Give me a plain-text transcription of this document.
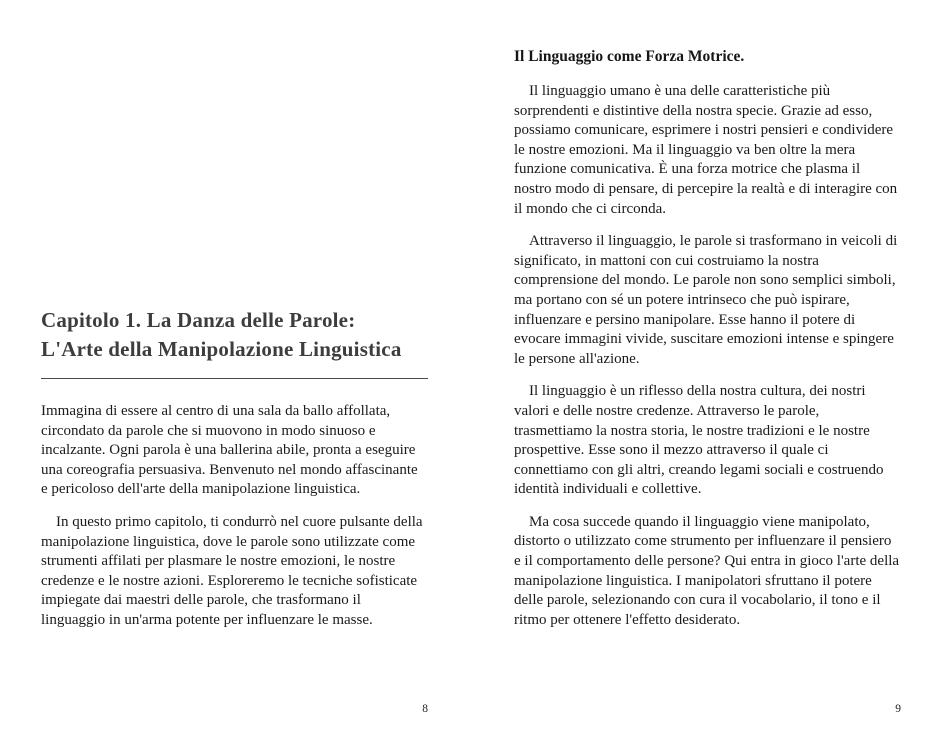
Capitolo 1. La Danza delle Parole:
L'Arte della Manipolazione Linguistica

Immagina di essere al centro di una sala da ballo affollata, circondato da parole che si muovono in modo sinuoso e incalzante. Ogni parola è una ballerina abile, pronta a eseguire una coreografia persuasiva. Benvenuto nel mondo affascinante e pericoloso dell'arte della manipolazione linguistica.

In questo primo capitolo, ti condurrò nel cuore pulsante della manipolazione linguistica, dove le parole sono utilizzate come strumenti affilati per plasmare le nostre emozioni, le nostre credenze e le nostre azioni. Esploreremo le tecniche sofisticate impiegate dai maestri delle parole, che trasformano il linguaggio in un'arma potente per influenzare le masse.

8
Il Linguaggio come Forza Motrice.

Il linguaggio umano è una delle caratteristiche più sorprendenti e distintive della nostra specie. Grazie ad esso, possiamo comunicare, esprimere i nostri pensieri e condividere le nostre emozioni. Ma il linguaggio va ben oltre la mera funzione comunicativa. È una forza motrice che plasma il nostro modo di pensare, di percepire la realtà e di interagire con il mondo che ci circonda.

Attraverso il linguaggio, le parole si trasformano in veicoli di significato, in mattoni con cui costruiamo la nostra comprensione del mondo. Le parole non sono semplici simboli, ma portano con sé un potere intrinseco che può ispirare, influenzare e persino manipolare. Esse hanno il potere di evocare immagini vivide, suscitare emozioni intense e spingere le persone all'azione.

Il linguaggio è un riflesso della nostra cultura, dei nostri valori e delle nostre credenze. Attraverso le parole, trasmettiamo la nostra storia, le nostre tradizioni e le nostre prospettive. Esse sono il mezzo attraverso il quale ci connettiamo con gli altri, creando legami sociali e costruendo identità individuali e collettive.

Ma cosa succede quando il linguaggio viene manipolato, distorto o utilizzato come strumento per influenzare il pensiero e il comportamento delle persone? Qui entra in gioco l'arte della manipolazione linguistica. I manipolatori sfruttano il potere delle parole, selezionando con cura il vocabolario, il tono e il ritmo per ottenere l'effetto desiderato.

9
